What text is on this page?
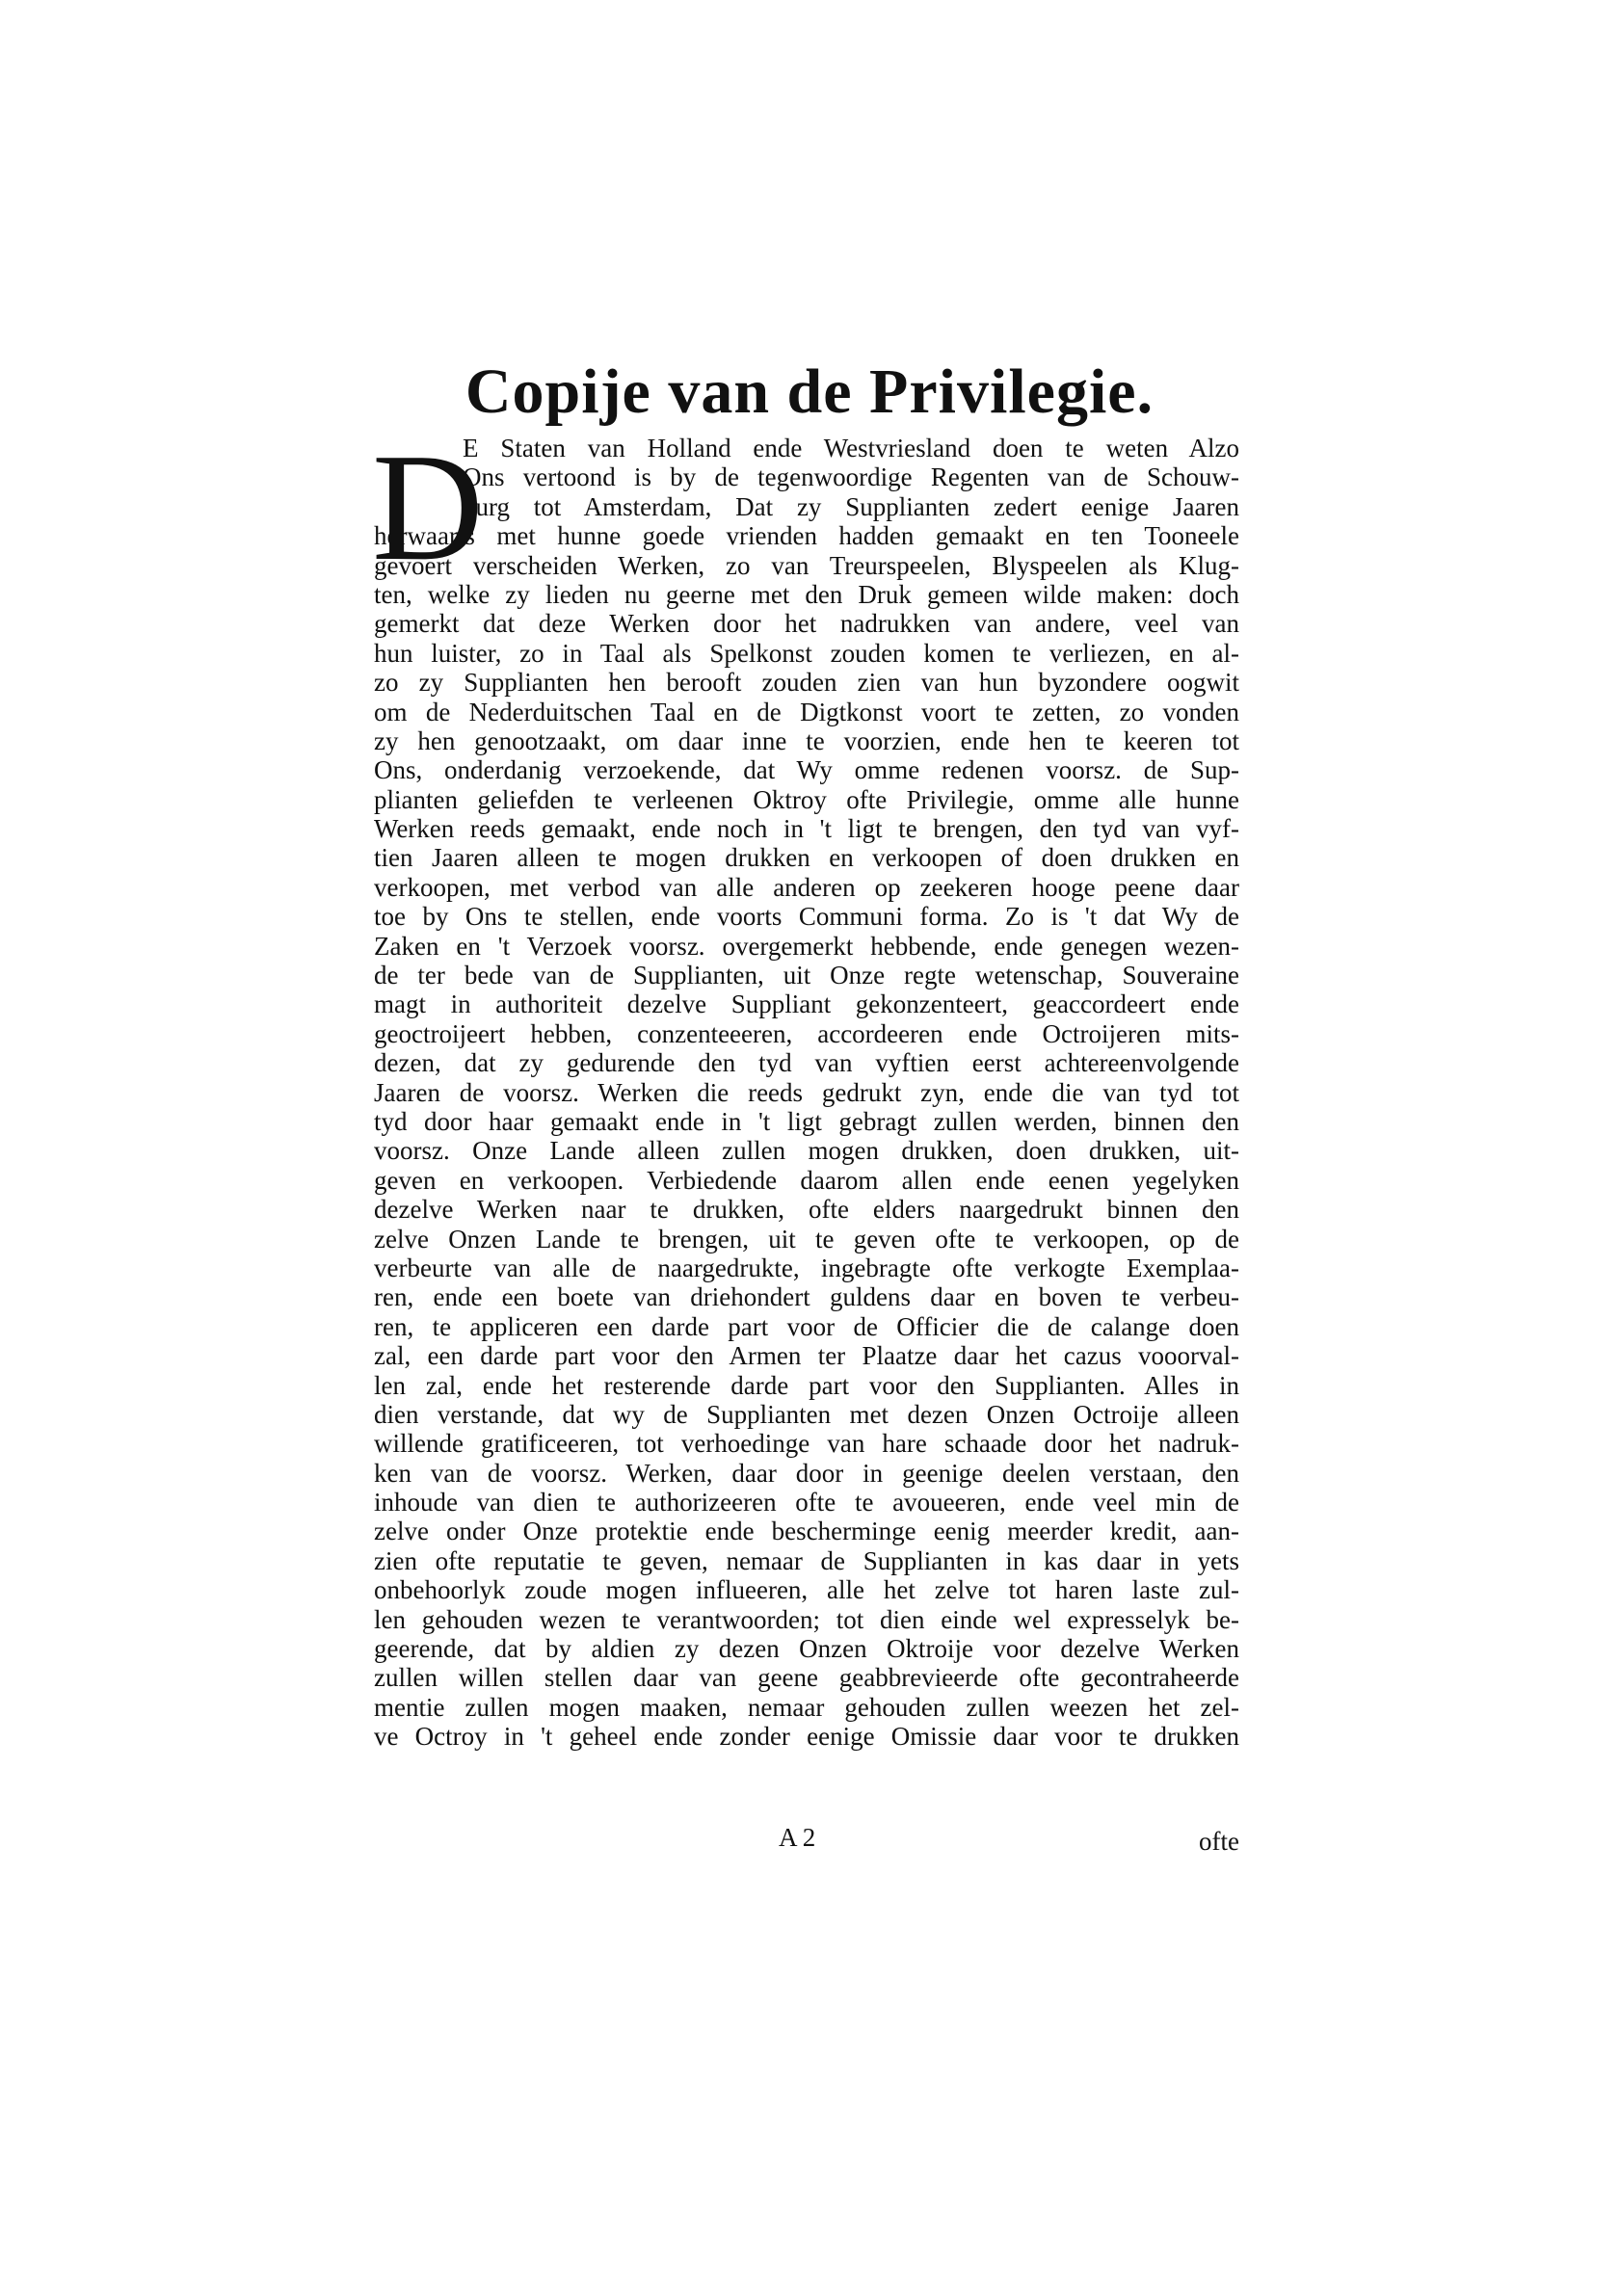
Copije van de Privilegie.
D
E Staten van Holland ende Westvriesland doen te weten Alzo
Ons vertoond is by de tegenwoordige Regenten van de Schouw-
burg tot Amsterdam, Dat zy Supplianten zedert eenige Jaaren
herwaarts met hunne goede vrienden hadden gemaakt en ten Tooneele
gevoert verscheiden Werken, zo van Treurspeelen, Blyspeelen als Klug-
ten, welke zy lieden nu geerne met den Druk gemeen wilde maken: doch
gemerkt dat deze Werken door het nadrukken van andere, veel van
hun luister, zo in Taal als Spelkonst zouden komen te verliezen, en al-
zo zy Supplianten hen berooft zouden zien van hun byzondere oogwit
om de Nederduitschen Taal en de Digtkonst voort te zetten, zo vonden
zy hen genootzaakt, om daar inne te voorzien, ende hen te keeren tot
Ons, onderdanig verzoekende, dat Wy omme redenen voorsz. de Sup-
plianten geliefden te verleenen Oktroy ofte Privilegie, omme alle hunne
Werken reeds gemaakt, ende noch in 't ligt te brengen, den tyd van vyf-
tien Jaaren alleen te mogen drukken en verkoopen of doen drukken en
verkoopen, met verbod van alle anderen op zeekeren hooge peene daar
toe by Ons te stellen, ende voorts Communi forma. Zo is 't dat Wy de
Zaken en 't Verzoek voorsz. overgemerkt hebbende, ende genegen wezen-
de ter bede van de Supplianten, uit Onze regte wetenschap, Souveraine
magt in authoriteit dezelve Suppliant gekonzenteert, geaccordeert ende
geoctroijeert hebben, conzenteeeren, accordeeren ende Octroijeren mits-
dezen, dat zy gedurende den tyd van vyftien eerst achtereenvolgende
Jaaren de voorsz. Werken die reeds gedrukt zyn, ende die van tyd tot
tyd door haar gemaakt ende in 't ligt gebragt zullen werden, binnen den
voorsz. Onze Lande alleen zullen mogen drukken, doen drukken, uit-
geven en verkoopen. Verbiedende daarom allen ende eenen yegelyken
dezelve Werken naar te drukken, ofte elders naargedrukt binnen den
zelve Onzen Lande te brengen, uit te geven ofte te verkoopen, op de
verbeurte van alle de naargedrukte, ingebragte ofte verkogte Exemplaa-
ren, ende een boete van driehondert guldens daar en boven te verbeu-
ren, te appliceren een darde part voor de Officier die de calange doen
zal, een darde part voor den Armen ter Plaatze daar het cazus vooorval-
len zal, ende het resterende darde part voor den Supplianten. Alles in
dien verstande, dat wy de Supplianten met dezen Onzen Octroije alleen
willende gratificeeren, tot verhoedinge van hare schaade door het nadruk-
ken van de voorsz. Werken, daar door in geenige deelen verstaan, den
inhoude van dien te authorizeeren ofte te avoueeren, ende veel min de
zelve onder Onze protektie ende bescherminge eenig meerder kredit, aan-
zien ofte reputatie te geven, nemaar de Supplianten in kas daar in yets
onbehoorlyk zoude mogen influeeren, alle het zelve tot haren laste zul-
len gehouden wezen te verantwoorden; tot dien einde wel expresselyk be-
geerende, dat by aldien zy dezen Onzen Oktroije voor dezelve Werken
zullen willen stellen daar van geene geabbrevieerde ofte gecontraheerde
mentie zullen mogen maaken, nemaar gehouden zullen weezen het zel-
ve Octroy in 't geheel ende zonder eenige Omissie daar voor te drukken
A 2	ofte
